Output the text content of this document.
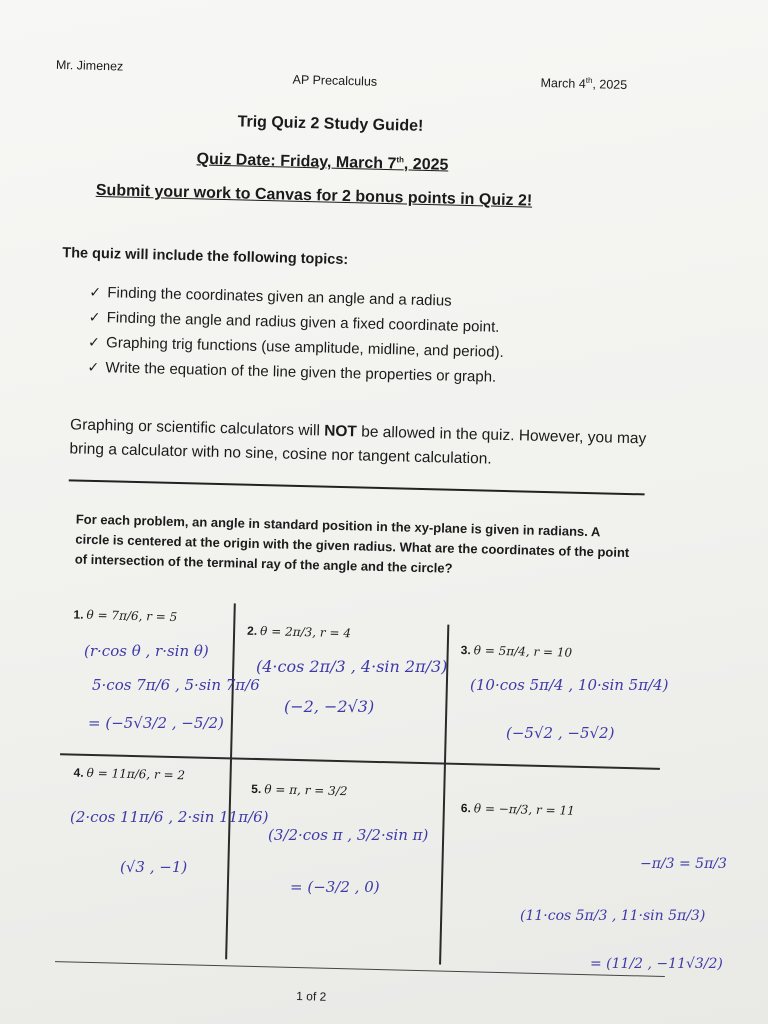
Mr. Jimenez
AP Precalculus	March 4th, 2025
Trig Quiz 2 Study Guide!
Quiz Date: Friday, March 7th, 2025
Submit your work to Canvas for 2 bonus points in Quiz 2!
The quiz will include the following topics:
✓ Finding the coordinates given an angle and a radius
✓ Finding the angle and radius given a fixed coordinate point.
✓ Graphing trig functions (use amplitude, midline, and period).
✓ Write the equation of the line given the properties or graph.
Graphing or scientific calculators will NOT be allowed in the quiz. However, you may bring a calculator with no sine, cosine nor tangent calculation.
For each problem, an angle in standard position in the xy-plane is given in radians. A circle is centered at the origin with the given radius. What are the coordinates of the point of intersection of the terminal ray of the angle and the circle?
1. θ = 7π/6, r = 5
2. θ = 2π/3, r = 4
3. θ = 5π/4, r = 10
4. θ = 11π/6, r = 2
5. θ = π, r = 3/2
6. θ = −π/3, r = 11
1 of 2
(r·cos θ , r·sin θ)
5·cos 7π/6 , 5·sin 7π/6
= (−5√3/2 , −5/2)
(4·cos 2π/3 , 4·sin 2π/3)
(−2, −2√3)
(10·cos 5π/4 , 10·sin 5π/4)
(−5√2 , −5√2)
(2·cos 11π/6 , 2·sin 11π/6)
(√3 , −1)
(3/2·cos π , 3/2·sin π)
= (−3/2 , 0)
−π/3 = 5π/3
(11·cos 5π/3 , 11·sin 5π/3)
= (11/2 , −11√3/2)
